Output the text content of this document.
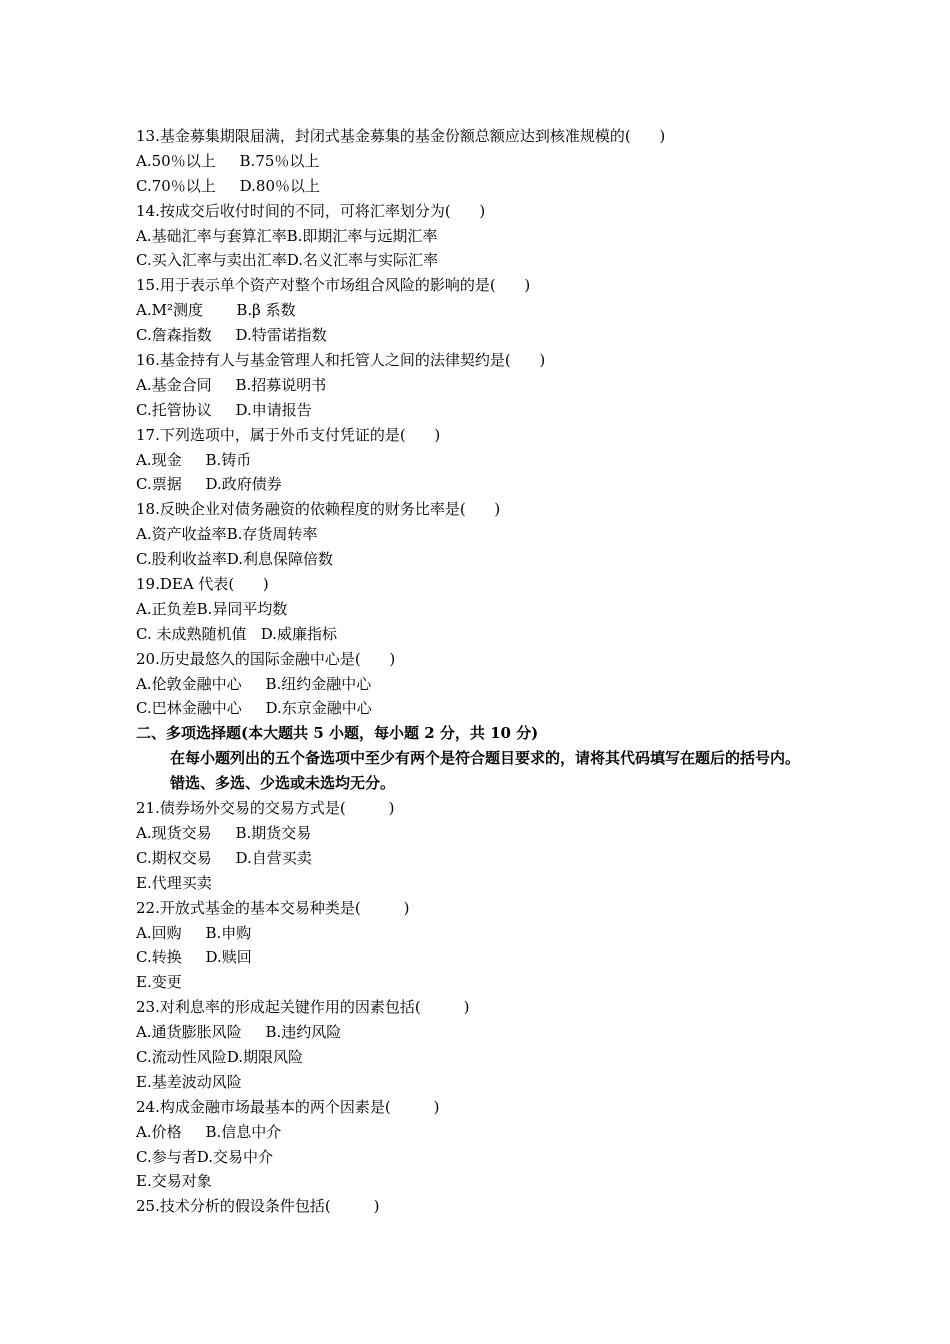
13.基金募集期限届满，封闭式基金募集的基金份额总额应达到核准规模的(      )
A.50％以上     B.75％以上
C.70％以上     D.80％以上
14.按成交后收付时间的不同，可将汇率划分为(      )
A.基础汇率与套算汇率B.即期汇率与远期汇率
C.买入汇率与卖出汇率D.名义汇率与实际汇率
15.用于表示单个资产对整个市场组合风险的影响的是(      )
A.M²测度       B.β 系数
C.詹森指数     D.特雷诺指数
16.基金持有人与基金管理人和托管人之间的法律契约是(      )
A.基金合同     B.招募说明书
C.托管协议     D.申请报告
17.下列选项中，属于外币支付凭证的是(      )
A.现金     B.铸币
C.票据     D.政府债券
18.反映企业对债务融资的依赖程度的财务比率是(      )
A.资产收益率B.存货周转率
C.股利收益率D.利息保障倍数
19.DEA 代表(      )
A.正负差B.异同平均数
C. 未成熟随机值   D.威廉指标
20.历史最悠久的国际金融中心是(      )
A.伦敦金融中心     B.纽约金融中心
C.巴林金融中心     D.东京金融中心
二、多项选择题(本大题共 5 小题，每小题 2 分，共 10 分)
在每小题列出的五个备选项中至少有两个是符合题目要求的，请将其代码填写在题后的括号内。
错选、多选、少选或未选均无分。
21.债券场外交易的交易方式是(         )
A.现货交易     B.期货交易
C.期权交易     D.自营买卖
E.代理买卖
22.开放式基金的基本交易种类是(         )
A.回购     B.申购
C.转换     D.赎回
E.变更
23.对利息率的形成起关键作用的因素包括(         )
A.通货膨胀风险     B.违约风险
C.流动性风险D.期限风险
E.基差波动风险
24.构成金融市场最基本的两个因素是(         )
A.价格     B.信息中介
C.参与者D.交易中介
E.交易对象
25.技术分析的假设条件包括(         )
